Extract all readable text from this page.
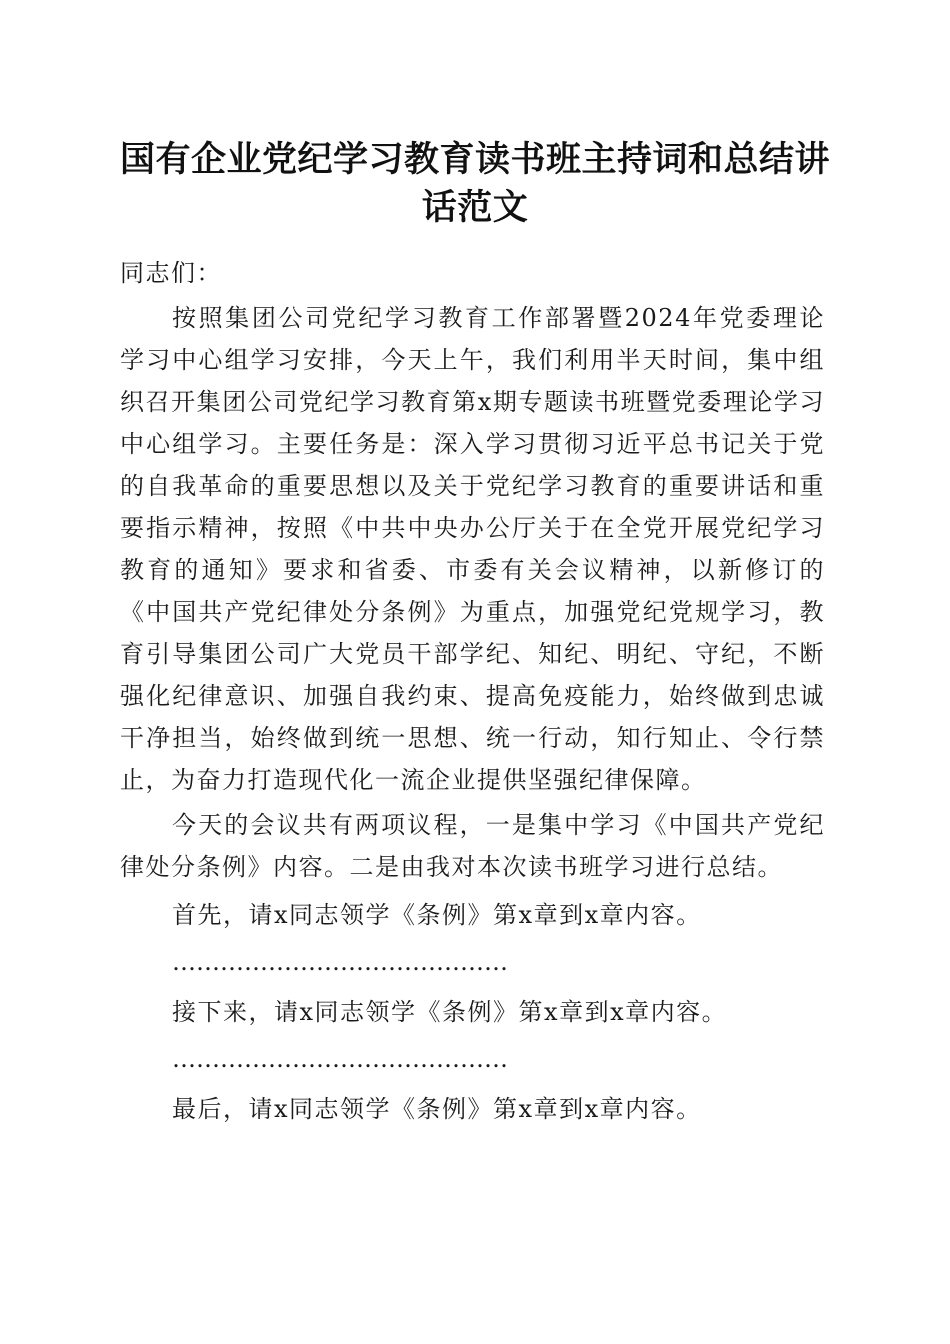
国有企业党纪学习教育读书班主持词和总结讲话范文

同志们：

按照集团公司党纪学习教育工作部署暨2024年党委理论学习中心组学习安排，今天上午，我们利用半天时间，集中组织召开集团公司党纪学习教育第x期专题读书班暨党委理论学习中心组学习。主要任务是：深入学习贯彻习近平总书记关于党的自我革命的重要思想以及关于党纪学习教育的重要讲话和重要指示精神，按照《中共中央办公厅关于在全党开展党纪学习教育的通知》要求和省委、市委有关会议精神，以新修订的《中国共产党纪律处分条例》为重点，加强党纪党规学习，教育引导集团公司广大党员干部学纪、知纪、明纪、守纪，不断强化纪律意识、加强自我约束、提高免疫能力，始终做到忠诚干净担当，始终做到统一思想、统一行动，知行知止、令行禁止，为奋力打造现代化一流企业提供坚强纪律保障。

今天的会议共有两项议程，一是集中学习《中国共产党纪律处分条例》内容。二是由我对本次读书班学习进行总结。

首先，请x同志领学《条例》第x章到x章内容。

……………………………………

接下来，请x同志领学《条例》第x章到x章内容。

……………………………………

最后，请x同志领学《条例》第x章到x章内容。
